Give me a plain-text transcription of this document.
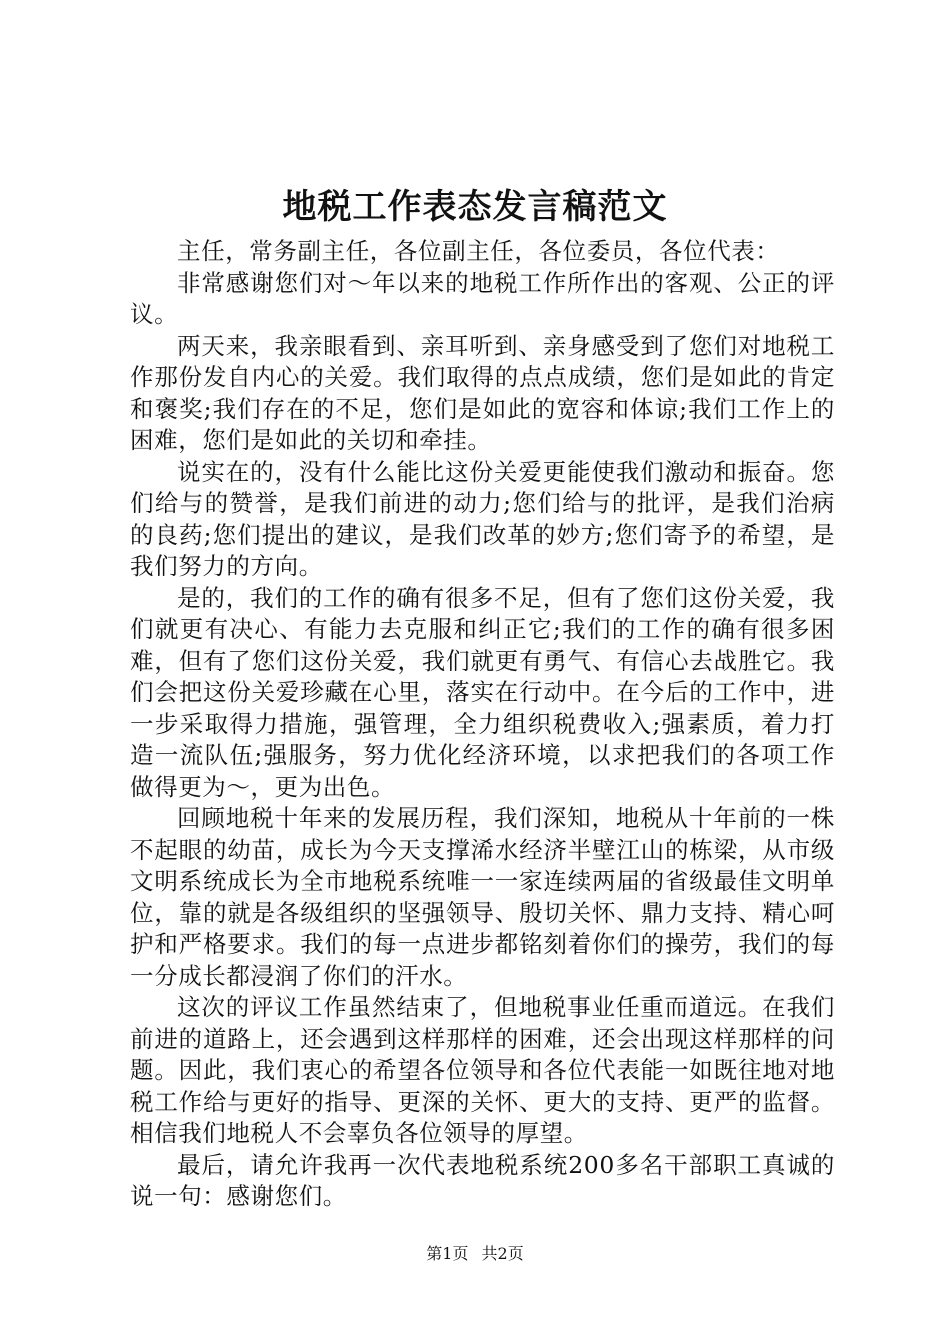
地税工作表态发言稿范文

主任，常务副主任，各位副主任，各位委员，各位代表：

非常感谢您们对～年以来的地税工作所作出的客观、公正的评议。

两天来，我亲眼看到、亲耳听到、亲身感受到了您们对地税工作那份发自内心的关爱。我们取得的点点成绩，您们是如此的肯定和褒奖;我们存在的不足，您们是如此的宽容和体谅;我们工作上的困难，您们是如此的关切和牵挂。

说实在的，没有什么能比这份关爱更能使我们激动和振奋。您们给与的赞誉，是我们前进的动力;您们给与的批评，是我们治病的良药;您们提出的建议，是我们改革的妙方;您们寄予的希望，是我们努力的方向。

是的，我们的工作的确有很多不足，但有了您们这份关爱，我们就更有决心、有能力去克服和纠正它;我们的工作的确有很多困难，但有了您们这份关爱，我们就更有勇气、有信心去战胜它。我们会把这份关爱珍藏在心里，落实在行动中。在今后的工作中，进一步采取得力措施，强管理，全力组织税费收入;强素质，着力打造一流队伍;强服务，努力优化经济环境，以求把我们的各项工作做得更为～，更为出色。

回顾地税十年来的发展历程，我们深知，地税从十年前的一株不起眼的幼苗，成长为今天支撑浠水经济半壁江山的栋梁，从市级文明系统成长为全市地税系统唯一一家连续两届的省级最佳文明单位，靠的就是各级组织的坚强领导、殷切关怀、鼎力支持、精心呵护和严格要求。我们的每一点进步都铭刻着你们的操劳，我们的每一分成长都浸润了你们的汗水。

这次的评议工作虽然结束了，但地税事业任重而道远。在我们前进的道路上，还会遇到这样那样的困难，还会出现这样那样的问题。因此，我们衷心的希望各位领导和各位代表能一如既往地对地税工作给与更好的指导、更深的关怀、更大的支持、更严的监督。相信我们地税人不会辜负各位领导的厚望。

最后，请允许我再一次代表地税系统200多名干部职工真诚的说一句：感谢您们。

第1页 共2页
